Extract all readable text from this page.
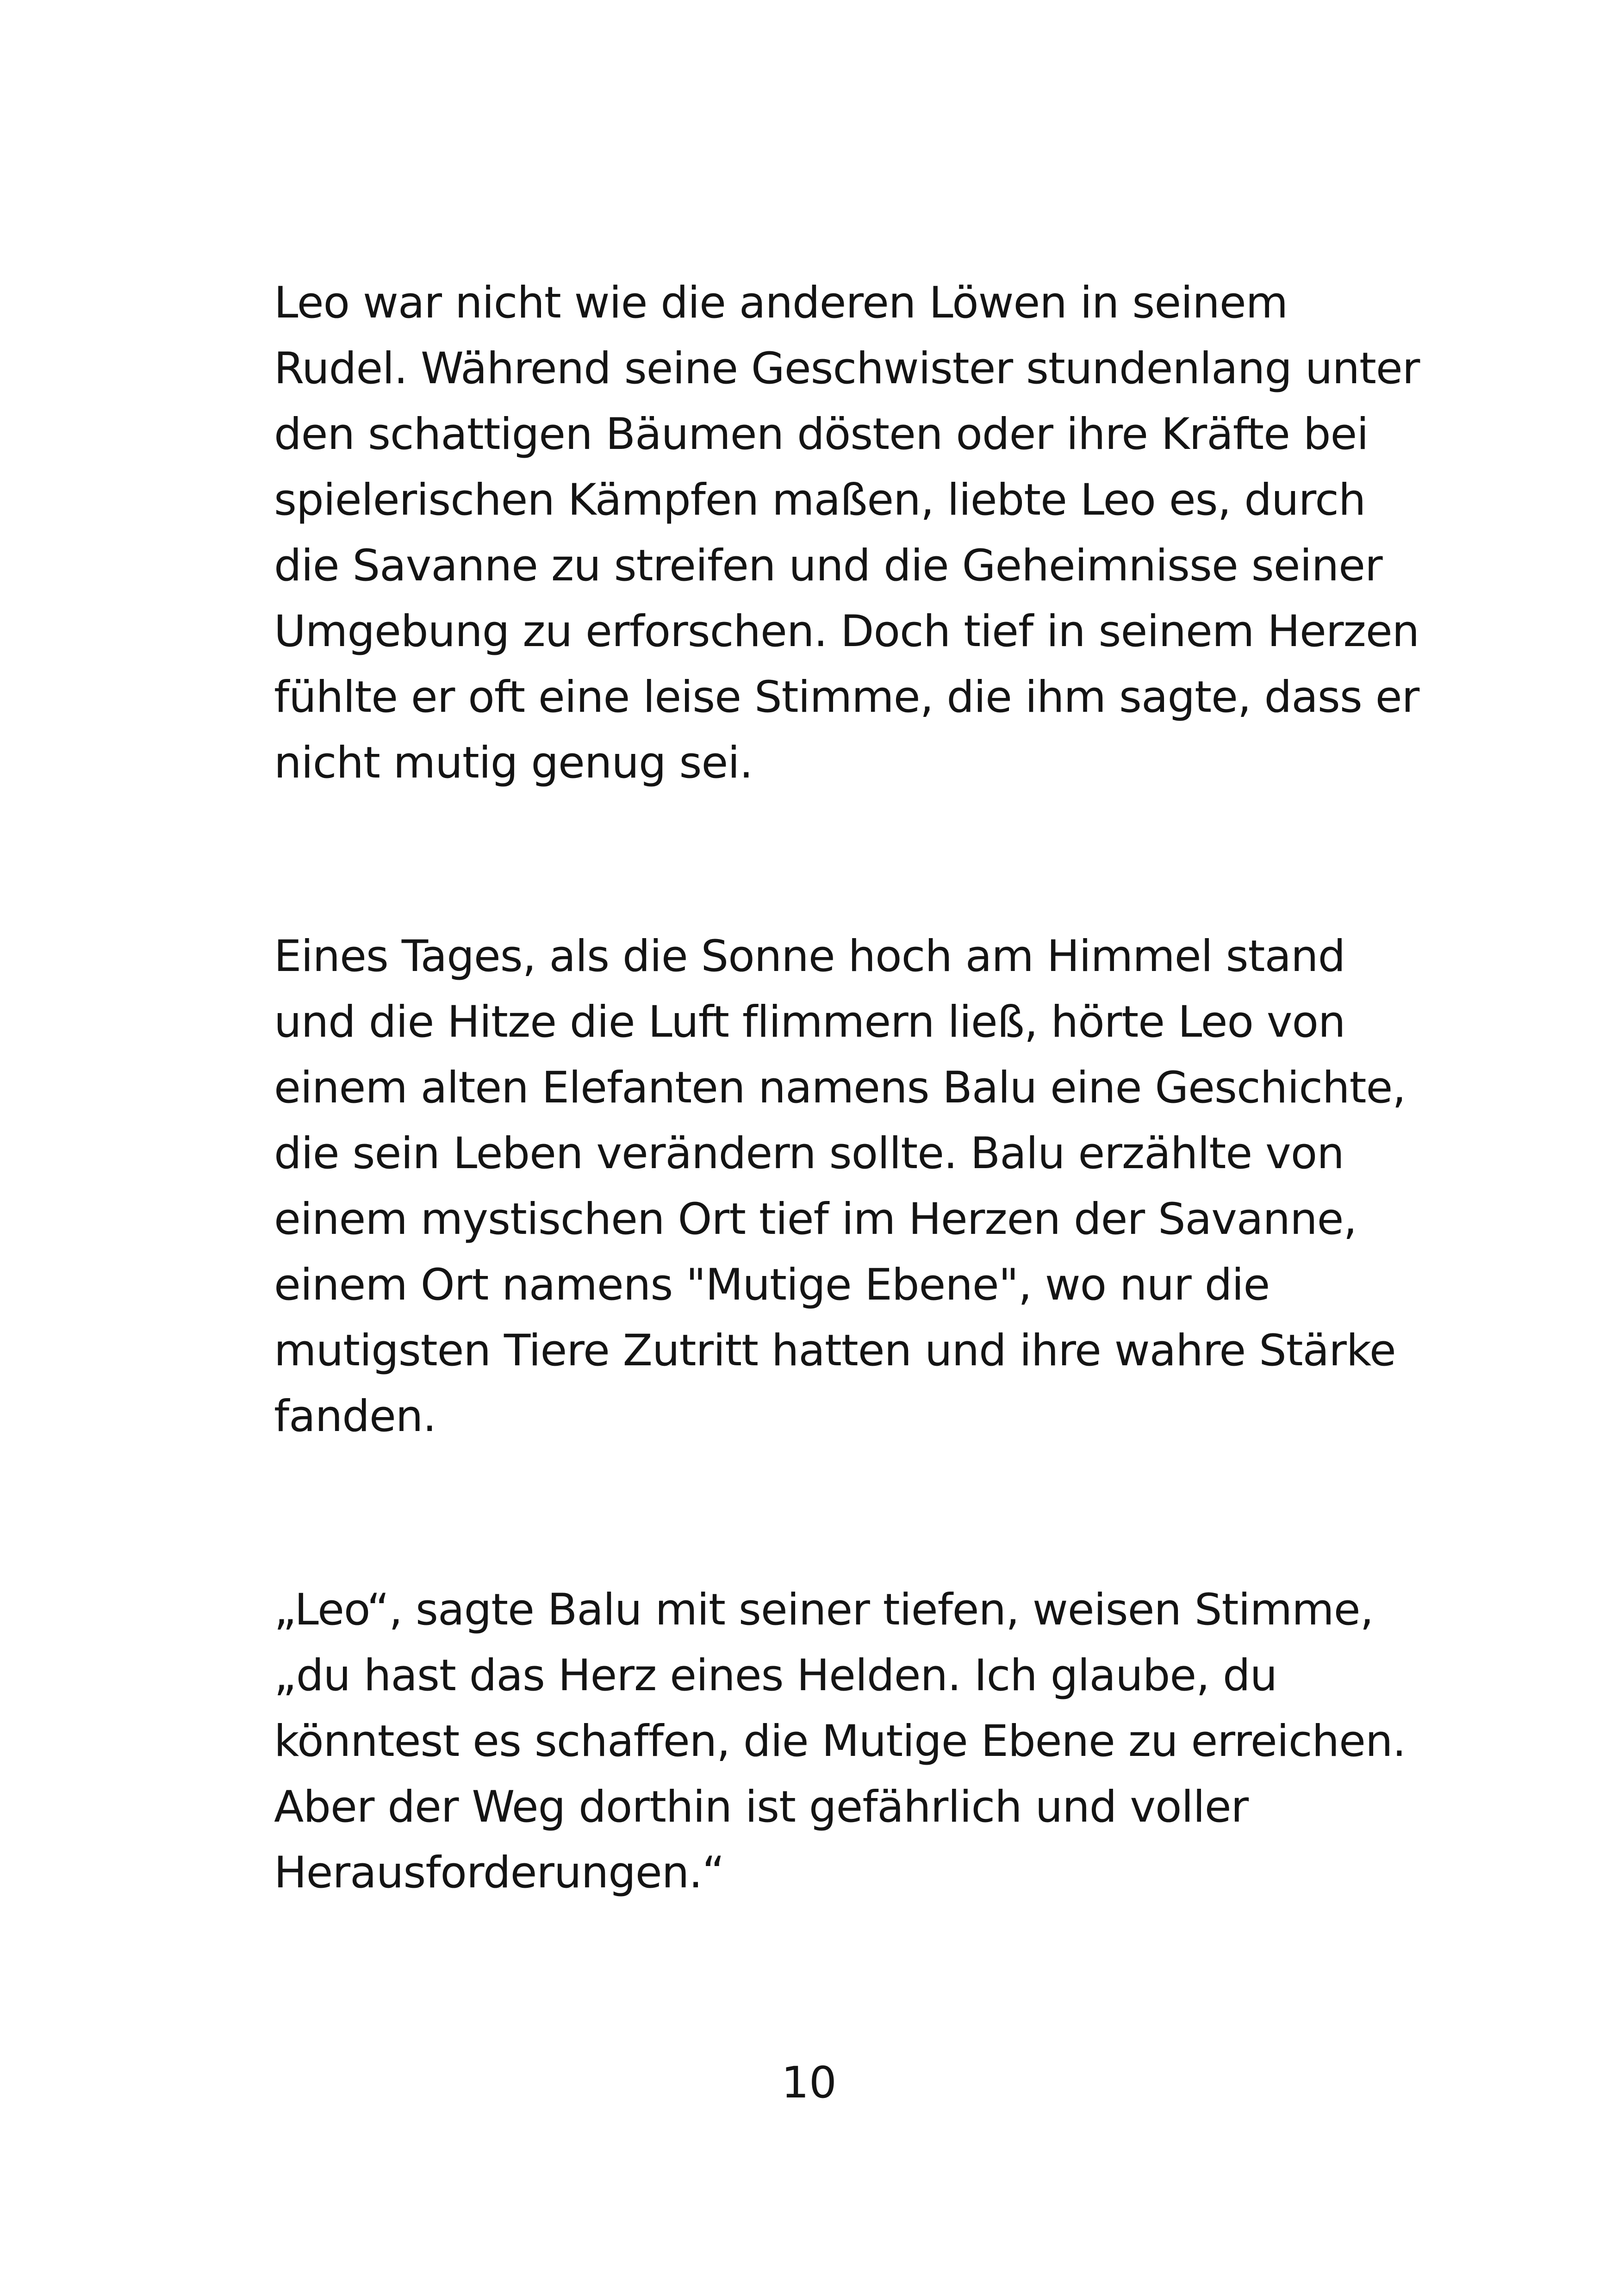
Leo war nicht wie die anderen Löwen in seinem
Rudel. Während seine Geschwister stundenlang unter
den schattigen Bäumen dösten oder ihre Kräfte bei
spielerischen Kämpfen maßen, liebte Leo es, durch
die Savanne zu streifen und die Geheimnisse seiner
Umgebung zu erforschen. Doch tief in seinem Herzen
fühlte er oft eine leise Stimme, die ihm sagte, dass er
nicht mutig genug sei.
Eines Tages, als die Sonne hoch am Himmel stand
und die Hitze die Luft flimmern ließ, hörte Leo von
einem alten Elefanten namens Balu eine Geschichte,
die sein Leben verändern sollte. Balu erzählte von
einem mystischen Ort tief im Herzen der Savanne,
einem Ort namens "Mutige Ebene", wo nur die
mutigsten Tiere Zutritt hatten und ihre wahre Stärke
fanden.
„Leo“, sagte Balu mit seiner tiefen, weisen Stimme,
„du hast das Herz eines Helden. Ich glaube, du
könntest es schaffen, die Mutige Ebene zu erreichen.
Aber der Weg dorthin ist gefährlich und voller
Herausforderungen.“
10
